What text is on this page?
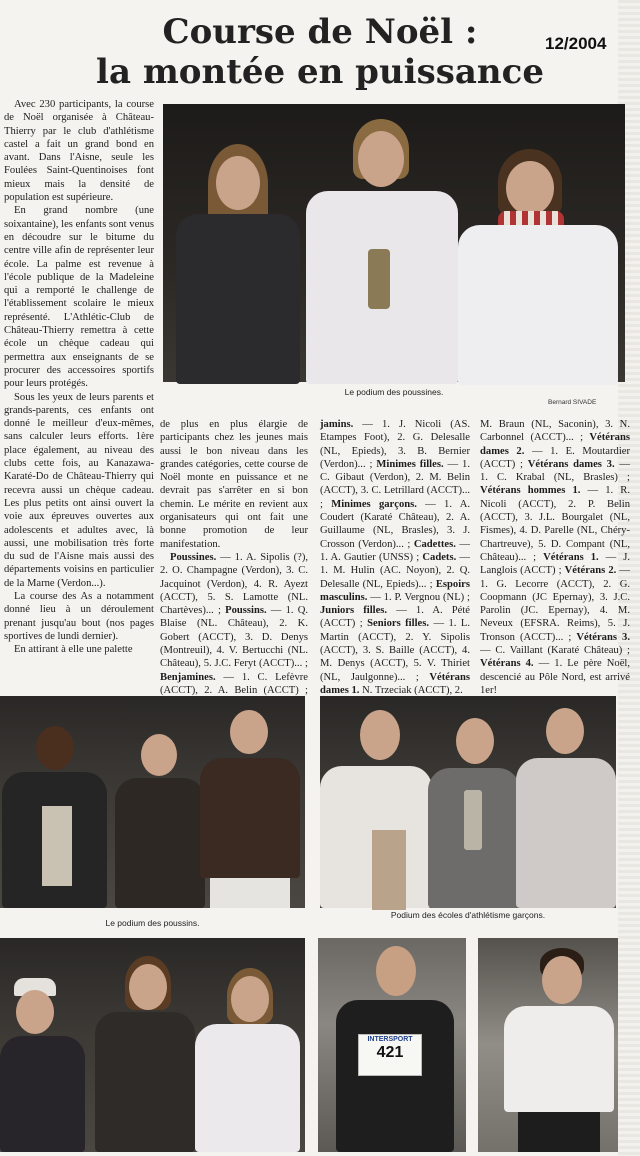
Course de Noël :
la montée en puissance
12/2004

Avec 230 participants, la course de Noël organisée à Château-Thierry par le club d'athlétisme castel a fait un grand bond en avant. Dans l'Aisne, seule les Foulées Saint-Quentinoises font mieux mais la densité de population est supérieure.

En grand nombre (une soixantaine), les enfants sont venus en découdre sur le bitume du centre ville afin de représenter leur école. La palme est revenue à l'école publique de la Madeleine qui a remporté le challenge de l'établissement scolaire le mieux représenté. L'Athlétic-Club de Château-Thierry remettra à cette école un chèque cadeau qui permettra aux enseignants de se procurer des accessoires sportifs pour leurs protégés.

Sous les yeux de leurs parents et grands-parents, ces enfants ont donné le meilleur d'eux-mêmes, sans calculer leurs efforts. 1ère place également, au niveau des clubs cette fois, au Kanazawa-Karaté-Do de Château-Thierry qui recevra aussi un chèque cadeau. Les plus petits ont ainsi ouvert la voie aux épreuves ouvertes aux adolescents et adultes avec, là aussi, une mobilisation très forte du sud de l'Aisne mais aussi des départements voisins en particulier de la Marne (Verdon...).

La course des As a notamment donné lieu à un déroulement prenant jusqu'au bout (nos pages sportives de lundi dernier).

En attirant à elle une palette

de plus en plus élargie de participants chez les jeunes mais aussi le bon niveau dans les grandes catégories, cette course de Noël monte en puissance et ne devrait pas s'arrêter en si bon chemin. Le mérite en revient aux organisateurs qui ont fait une bonne promotion de leur manifestation.

Poussines. — 1. A. Sipolis (?), 2. O. Champagne (Verdon), 3. C. Jacquinot (Verdon), 4. R. Ayezt (ACCT), 5. S. Lamotte (NL. Chartèves)... ; Poussins. — 1. Q. Blaise (NL. Château), 2. K. Gobert (ACCT), 3. D. Denys (Montreuil), 4. V. Bertucchi (NL. Château), 5. J.C. Feryt (ACCT)... ; Benjamines. — 1. C. Lefèvre (ACCT), 2. A. Belin (ACCT) ;

jamins. — 1. J. Nicoli (AS. Etampes Foot), 2. G. Delesalle (NL, Epieds), 3. B. Bernier (Verdon)... ; Minimes filles. — 1. C. Gibaut (Verdon), 2. M. Belin (ACCT), 3. C. Letrillard (ACCT)... ; Minimes garçons. — 1. A. Coudert (Karaté Château), 2. A. Guillaume (NL, Brasles), 3. J. Crosson (Verdon)... ; Cadettes. — 1. A. Gautier (UNSS) ; Cadets. — 1. M. Hulin (AC. Noyon), 2. Q. Delesalle (NL, Epieds)... ; Espoirs masculins. — 1. P. Vergnou (NL) ; Juniors filles. — 1. A. Pété (ACCT) ; Seniors filles. — 1. L. Martin (ACCT), 2. Y. Sipolis (ACCT), 3. S. Baille (ACCT), 4. M. Denys (ACCT), 5. V. Thiriet (NL, Jaulgonne)... ; Vétérans dames 1. N. Trzeciak (ACCT), 2.

M. Braun (NL, Saconin), 3. N. Carbonnel (ACCT)... ; Vétérans dames 2. — 1. E. Moutardier (ACCT) ; Vétérans dames 3. — 1. C. Krabal (NL, Brasles) ; Vétérans hommes 1. — 1. R. Nicoli (ACCT), 2. P. Belin (ACCT), 3. J.L. Bourgalet (NL, Fismes), 4. D. Parelle (NL, Chéry-Chartreuve), 5. D. Compant (NL, Château)... ; Vétérans 1. — J. Langlois (ACCT) ; Vétérans 2. — 1. G. Lecorre (ACCT), 2. G. Coopmann (JC Epernay), 3. J.C. Parolin (JC. Epernay), 4. M. Neveux (EFSRA. Reims), 5. J. Tronson (ACCT)... ; Vétérans 3. — C. Vaillant (Karaté Château) ; Vétérans 4. — 1. Le père Noël, descencié au Pôle Nord, est arrivé 1er!

Le podium des poussines.
Bernard SIVADE
Le podium des poussins.
Podium des écoles d'athlétisme garçons.
INTERSPORT
421
